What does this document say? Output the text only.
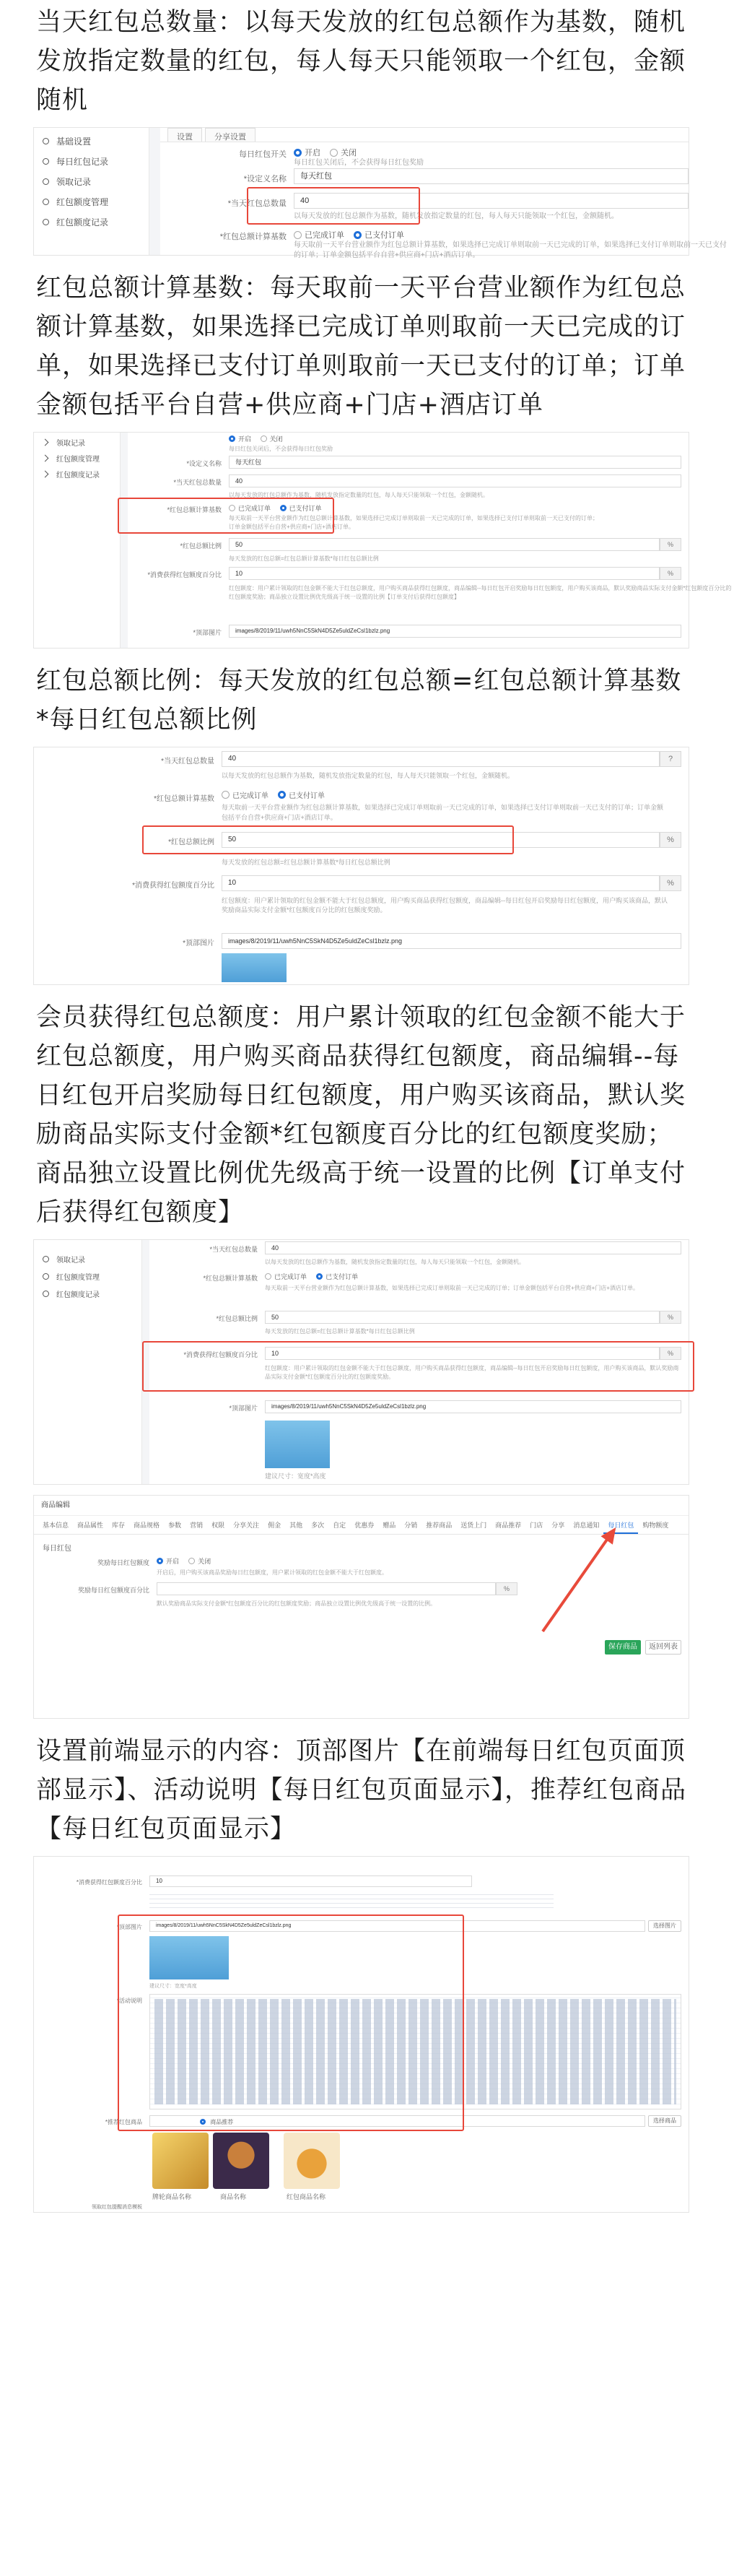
当天红包总数量：以每天发放的红包总额作为基数，随机发放指定数量的红包，每人每天只能领取一个红包，金额随机
基础设置
每日红包记录
领取记录
红包额度管理
红包额度记录
设置	分享设置
每日红包开关 开启
	关闭
每日红包关闭后，不会获得每日红包奖励
*设定义名称	每天红包
*当天红包总数量	40
以每天发放的红包总额作为基数，随机发放指定数量的红包，每人每天只能领取一个红包，金额随机。
*红包总额计算基数 已完成订单
	已支付订单
每天取前一天平台营业额作为红包总额计算基数，如果选择已完成订单则取前一天已完成的订单，如果选择已支付订单则取前一天已支付的订单；订单金额包括平台自营+供应商+门店+酒店订单。
红包总额计算基数：每天取前一天平台营业额作为红包总额计算基数，如果选择已完成订单则取前一天已完成的订单，如果选择已支付订单则取前一天已支付的订单；订单金额包括平台自营+供应商+门店+酒店订单
领取记录
红包额度管理
红包额度记录
开启
	关闭
每日红包关闭后，不会获得每日红包奖励
*设定义名称	每天红包
*当天红包总数量	40
以每天发放的红包总额作为基数，随机发放指定数量的红包，每人每天只能领取一个红包，金额随机。
*红包总额计算基数	已完成订单
	已支付订单
每天取前一天平台营业额作为红包总额计算基数，如果选择已完成订单则取前一天已完成的订单，如果选择已支付订单则取前一天已支付的订单；
订单金额包括平台自营+供应商+门店+酒店订单。
*红包总额比例	50	%
每天发放的红包总额=红包总额计算基数*每日红包总额比例
*消费获得红包额度百分比	10	%
红包额度：用户累计领取的红包金额不能大于红包总额度，用户购买商品获得红包额度，商品编辑--每日红包开启奖励每日红包额度，用户购买该商品，默认奖励商品实际支付金额*红包额度百分比的红包额度奖励；商品独立设置比例优先级高于统一设置的比例【订单支付后获得红包额度】
*顶部图片	images/8/2019/11/uwh5NnC5SkN4D5Ze5uldZeCsl1bzlz.png
红包总额比例：每天发放的红包总额=红包总额计算基数*每日红包总额比例
*当天红包总数量	40	?
以每天发放的红包总额作为基数，随机发放指定数量的红包，每人每天只能领取一个红包，金额随机。
*红包总额计算基数	已完成订单
	已支付订单
每天取前一天平台营业额作为红包总额计算基数，如果选择已完成订单则取前一天已完成的订单，如果选择已支付订单则取前一天已支付的订单；订单金额包括平台自营+供应商+门店+酒店订单。
*红包总额比例	50	%
每天发放的红包总额=红包总额计算基数*每日红包总额比例
*消费获得红包额度百分比	10	%
红包额度：用户累计领取的红包金额不能大于红包总额度，用户购买商品获得红包额度，商品编辑--每日红包开启奖励每日红包额度，用户购买该商品，默认奖励商品实际支付金额*红包额度百分比的红包额度奖励。
*顶部图片	images/8/2019/11/uwh5NnC5SkN4D5Ze5uldZeCsl1bzlz.png
会员获得红包总额度：用户累计领取的红包金额不能大于红包总额度，用户购买商品获得红包额度，商品编辑--每日红包开启奖励每日红包额度，用户购买该商品，默认奖励商品实际支付金额*红包额度百分比的红包额度奖励；商品独立设置比例优先级高于统一设置的比例【订单支付后获得红包额度】
领取记录
红包额度管理
红包额度记录
*当天红包总数量	40
以每天发放的红包总额作为基数，随机发放指定数量的红包，每人每天只能领取一个红包，金额随机。
*红包总额计算基数	已完成订单
	已支付订单
每天取前一天平台营业额作为红包总额计算基数，如果选择已完成订单则取前一天已完成的订单；订单金额包括平台自营+供应商+门店+酒店订单。
*红包总额比例	50	%
每天发放的红包总额=红包总额计算基数*每日红包总额比例
*消费获得红包额度百分比	10	%
红包额度：用户累计领取的红包金额不能大于红包总额度，用户购买商品获得红包额度，商品编辑--每日红包开启奖励每日红包额度，用户购买该商品，默认奖励商品实际支付金额*红包额度百分比的红包额度奖励。
*顶部图片	images/8/2019/11/uwh5NnC5SkN4D5Ze5uldZeCsl1bzlz.png
建议尺寸：宽度*高度
商品编辑
基本信息	商品属性	库存	商品规格	参数	营销	权限	分享关注	佣金	其他	多次	自定	优惠券	赠品	分销	推荐商品	送货上门	商品推荐	门店	分享	消息通知	每日红包	购物额度
每日红包
奖励每日红包额度	开启
	关闭
开启后，用户购买该商品奖励每日红包额度，用户累计领取的红包金额不能大于红包额度。
奖励每日红包额度百分比	%
默认奖励商品实际支付金额*红包额度百分比的红包额度奖励；商品独立设置比例优先级高于统一设置的比例。
保存商品	返回列表
设置前端显示的内容：顶部图片【在前端每日红包页面顶部显示】、活动说明【每日红包页面显示】，推荐红包商品【每日红包页面显示】
*消费获得红包额度百分比	10
*顶部图片	images/8/2019/11/uwh5NnC5SkN4D5Ze5uldZeCsl1bzlz.png	选择图片
建议尺寸：宽度*高度
*活动说明
*推荐红包商品	选择商品
商品推荐
牌轮商品名称	商品名称	红包商品名称
领取红包提醒消息模板
